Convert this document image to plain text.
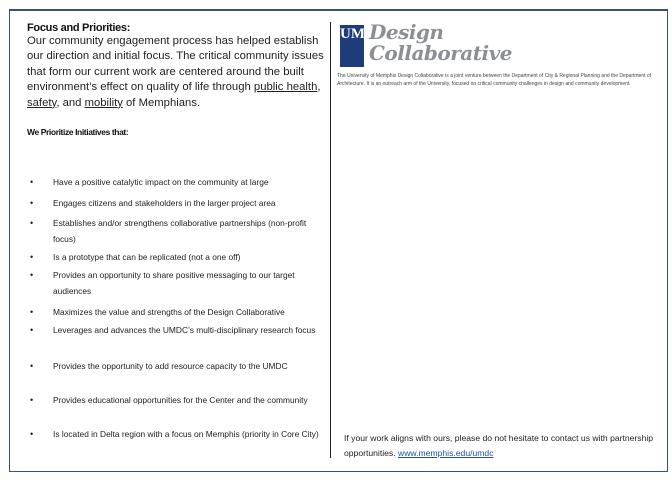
Focus and Priorities:
Our community engagement process has helped establish our direction and initial focus. The critical community issues that form our current work are centered around the built environment’s effect on quality of life through public health, safety, and mobility of Memphians.
We Prioritize Initiatives that:
• Have a positive catalytic impact on the community at large
• Engages citizens and stakeholders in the larger project area
• Establishes and/or strengthens collaborative partnerships (non-profit focus)
• Is a prototype that can be replicated (not a one off)
• Provides an opportunity to share positive messaging to our target audiences
• Maximizes the value and strengths of the Design Collaborative
• Leverages and advances the UMDC’s multi-disciplinary research focus
• Provides the opportunity to add resource capacity to the UMDC
• Provides educational opportunities for the Center and the community
• Is located in Delta region with a focus on Memphis (priority in Core City)
UM Design
Collaborative
The University of Memphis Design Collaborative is a joint venture between the Department of City & Regional Planning and the Department of Architecture. It is an outreach arm of the University, focused on critical community challenges in design and community development.
If your work aligns with ours, please do not hesitate to contact us with partnership opportunities. www.memphis.edu/umdc
